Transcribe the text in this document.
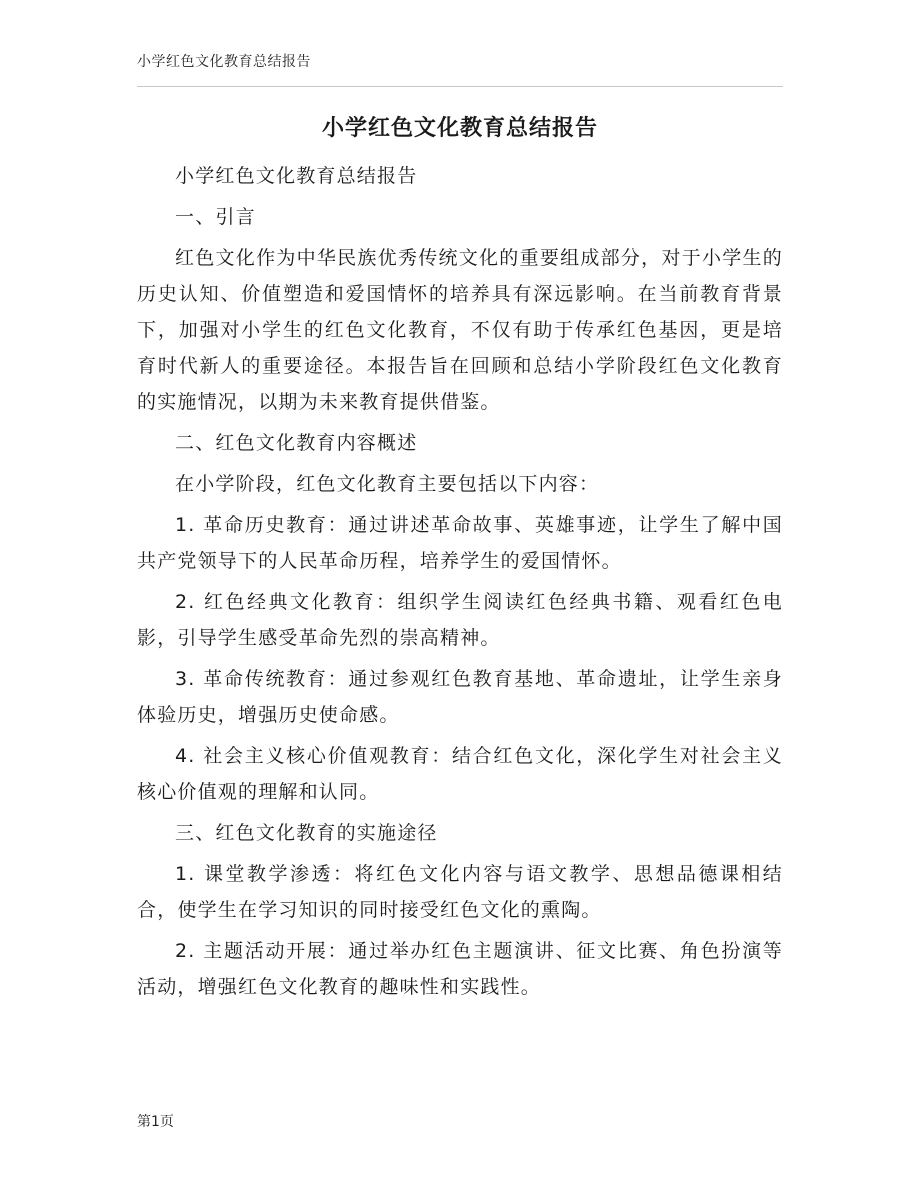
小学红色文化教育总结报告
小学红色文化教育总结报告

小学红色文化教育总结报告

一、引言

红色文化作为中华民族优秀传统文化的重要组成部分，对于小学生的历史认知、价值塑造和爱国情怀的培养具有深远影响。在当前教育背景下，加强对小学生的红色文化教育，不仅有助于传承红色基因，更是培育时代新人的重要途径。本报告旨在回顾和总结小学阶段红色文化教育的实施情况，以期为未来教育提供借鉴。

二、红色文化教育内容概述

在小学阶段，红色文化教育主要包括以下内容：

1. 革命历史教育：通过讲述革命故事、英雄事迹，让学生了解中国共产党领导下的人民革命历程，培养学生的爱国情怀。

2. 红色经典文化教育：组织学生阅读红色经典书籍、观看红色电影，引导学生感受革命先烈的崇高精神。

3. 革命传统教育：通过参观红色教育基地、革命遗址，让学生亲身体验历史，增强历史使命感。

4. 社会主义核心价值观教育：结合红色文化，深化学生对社会主义核心价值观的理解和认同。

三、红色文化教育的实施途径

1. 课堂教学渗透：将红色文化内容与语文教学、思想品德课相结合，使学生在学习知识的同时接受红色文化的熏陶。

2. 主题活动开展：通过举办红色主题演讲、征文比赛、角色扮演等活动，增强红色文化教育的趣味性和实践性。

第1页
